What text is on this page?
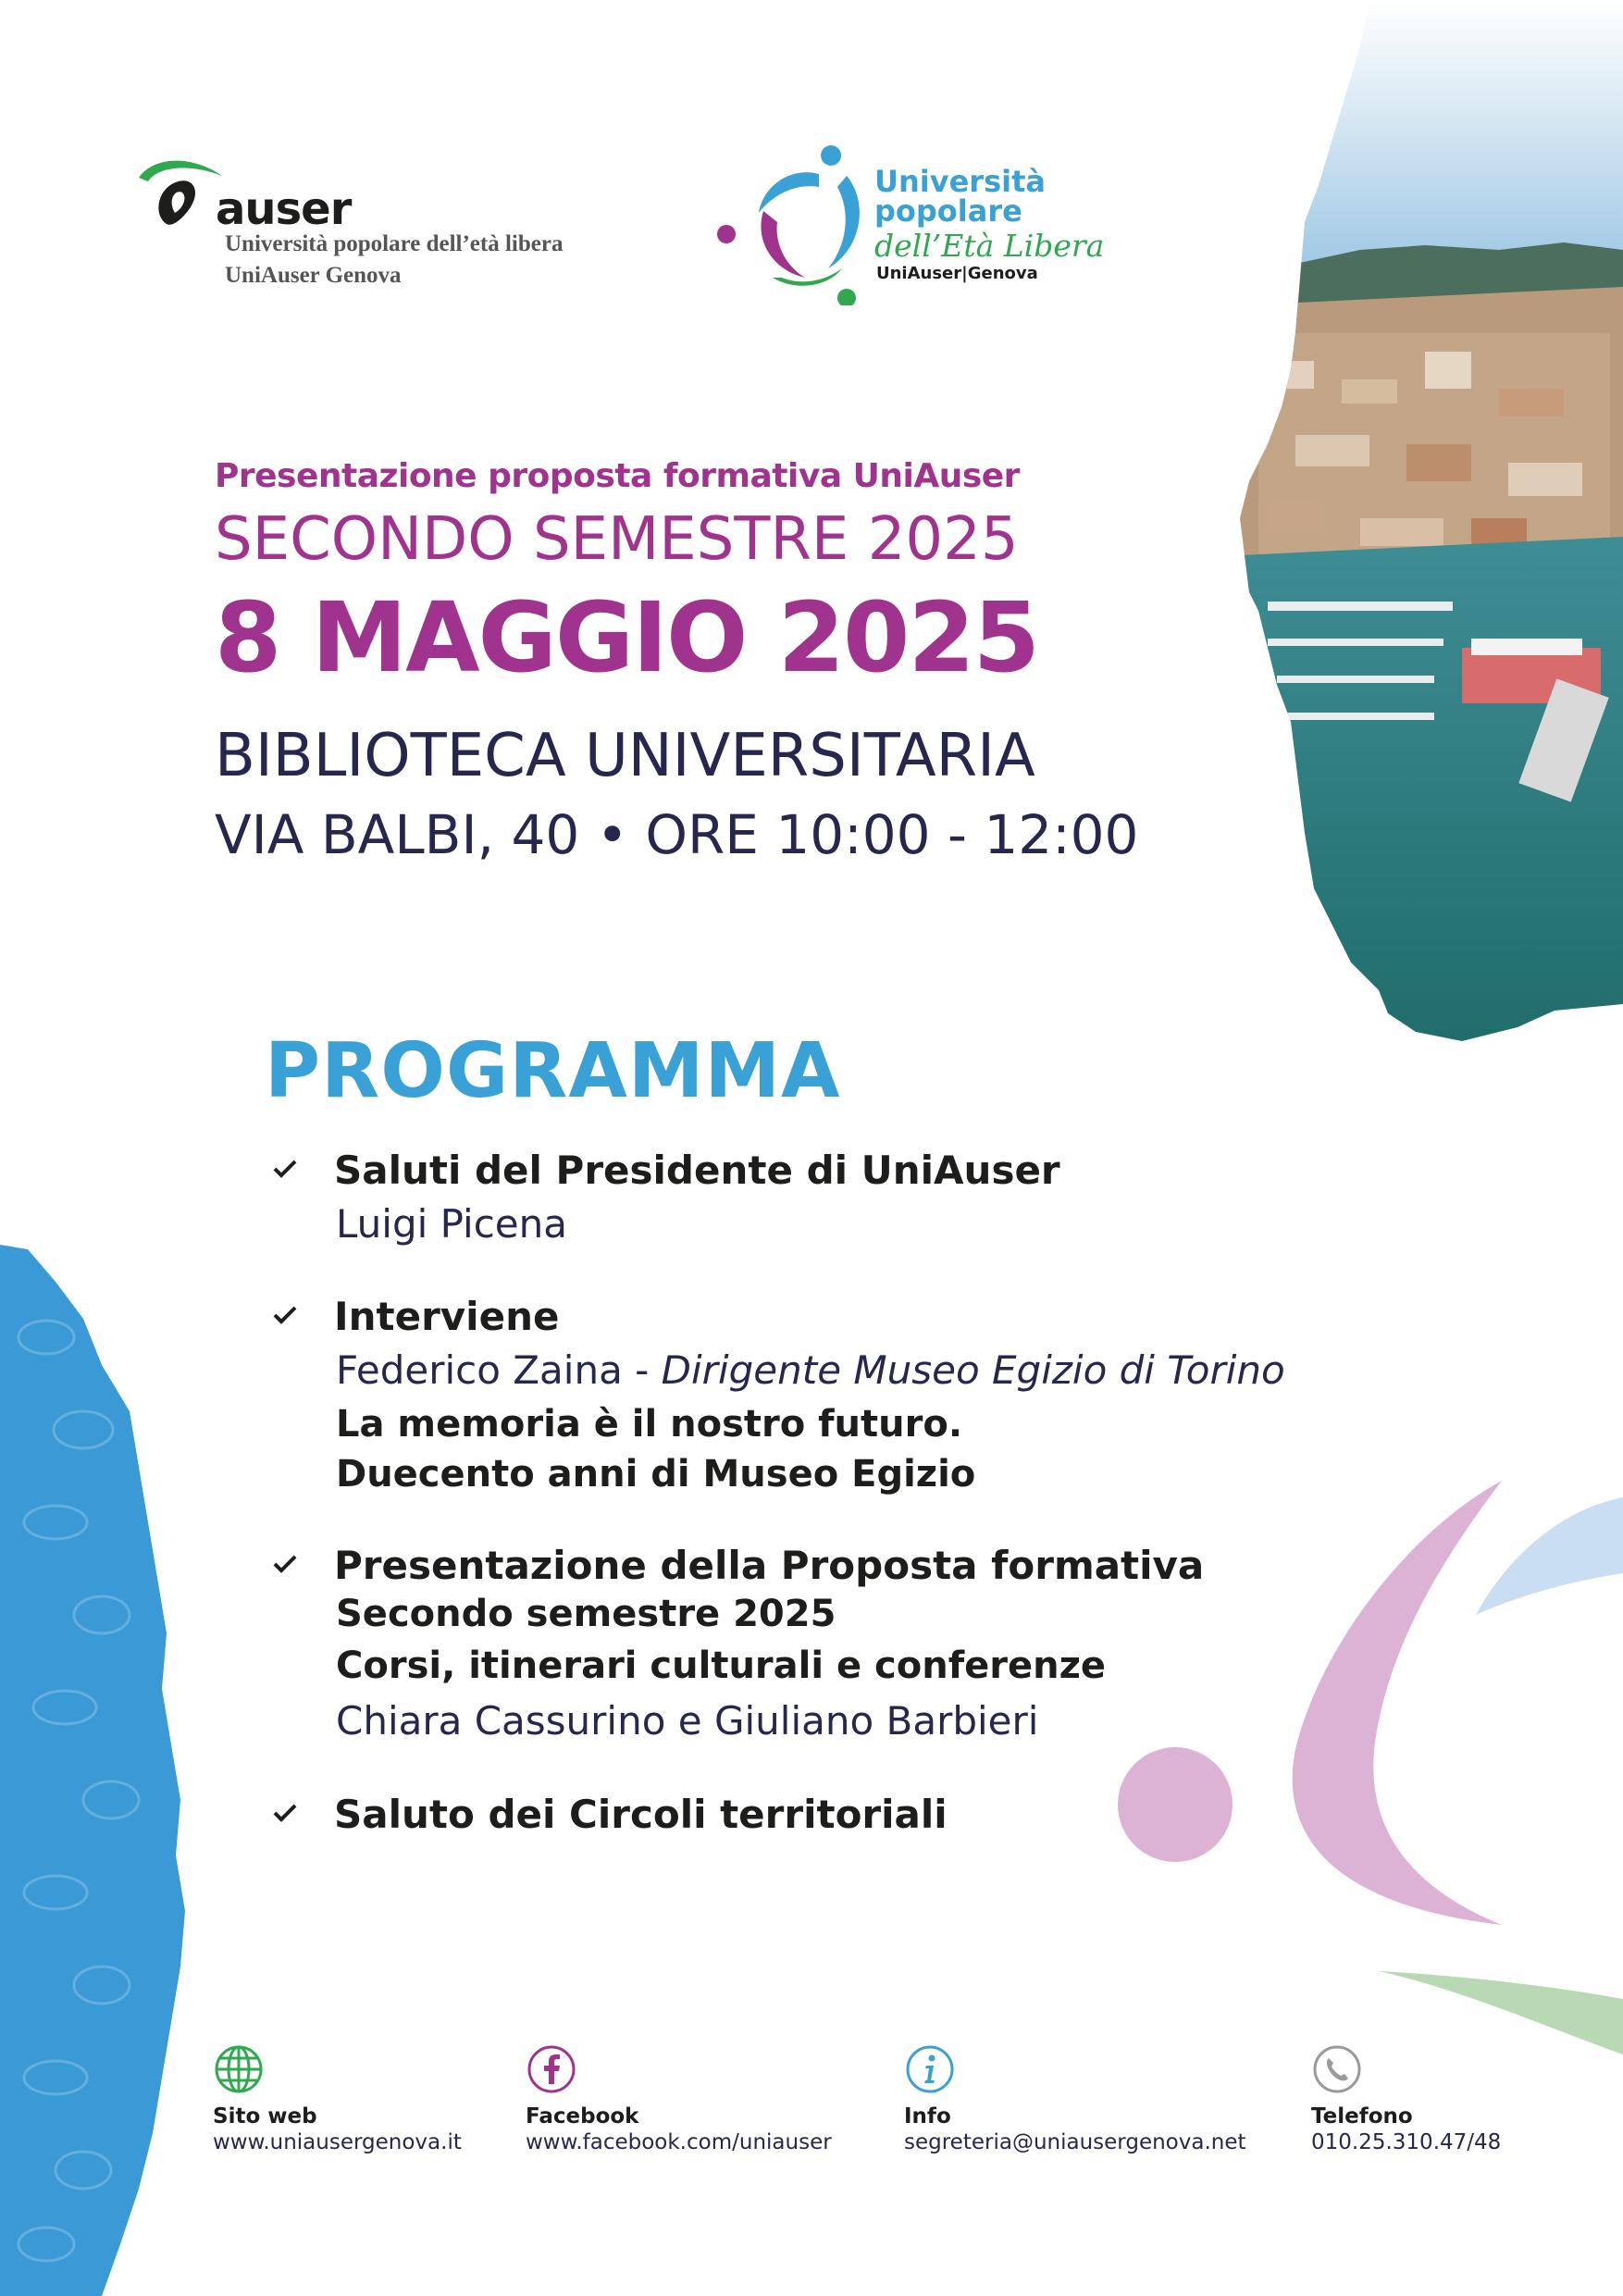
auser
Università popolare dell’età libera
UniAuser Genova
Università
popolare
dell’Età Libera
UniAuser|Genova
Presentazione proposta formativa UniAuser
SECONDO SEMESTRE 2025
8 MAGGIO 2025
BIBLIOTECA UNIVERSITARIA
VIA BALBI, 40 • ORE 10:00 - 12:00
PROGRAMMA
Saluti del Presidente di UniAuser
Luigi Picena
Interviene
Federico Zaina - Dirigente Museo Egizio di Torino
La memoria è il nostro futuro.
Duecento anni di Museo Egizio
Presentazione della Proposta formativa
Secondo semestre 2025
Corsi, itinerari culturali e conferenze
Chiara Cassurino e Giuliano Barbieri
Saluto dei Circoli territoriali
Sito web
www.uniausergenova.it
Facebook
www.facebook.com/uniauser
Info
segreteria@uniausergenova.net
Telefono
010.25.310.47/48
